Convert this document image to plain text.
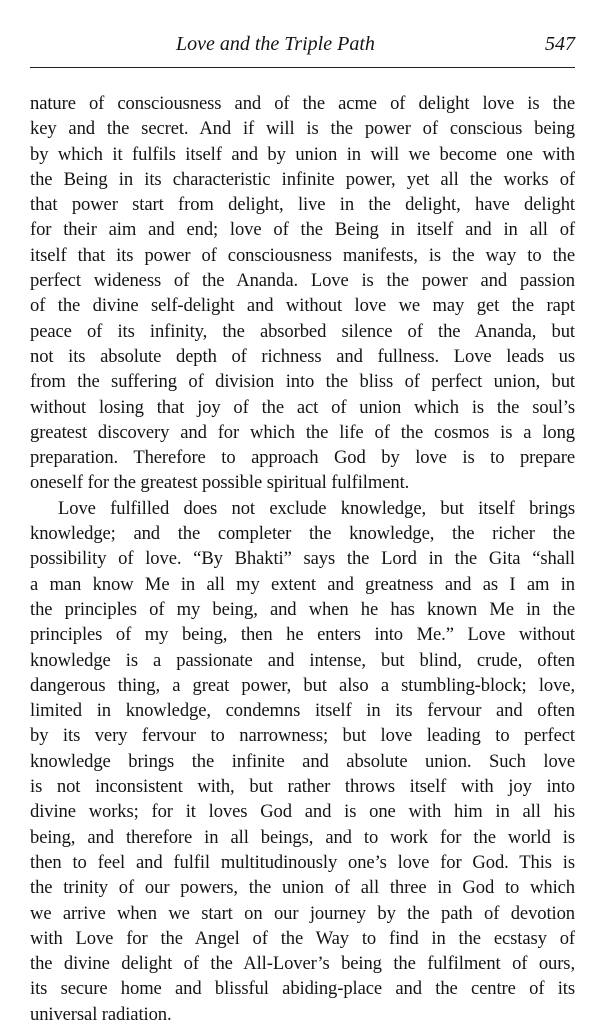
Love and the Triple Path	547
nature of consciousness and of the acme of delight love is the
key and the secret. And if will is the power of conscious being
by which it fulfils itself and by union in will we become one with
the Being in its characteristic infinite power, yet all the works of
that power start from delight, live in the delight, have delight
for their aim and end; love of the Being in itself and in all of
itself that its power of consciousness manifests, is the way to the
perfect wideness of the Ananda. Love is the power and passion
of the divine self-delight and without love we may get the rapt
peace of its infinity, the absorbed silence of the Ananda, but
not its absolute depth of richness and fullness. Love leads us
from the suffering of division into the bliss of perfect union, but
without losing that joy of the act of union which is the soul’s
greatest discovery and for which the life of the cosmos is a long
preparation. Therefore to approach God by love is to prepare
oneself for the greatest possible spiritual fulfilment.
Love fulfilled does not exclude knowledge, but itself brings
knowledge; and the completer the knowledge, the richer the
possibility of love. “By Bhakti” says the Lord in the Gita “shall
a man know Me in all my extent and greatness and as I am in
the principles of my being, and when he has known Me in the
principles of my being, then he enters into Me.” Love without
knowledge is a passionate and intense, but blind, crude, often
dangerous thing, a great power, but also a stumbling-block; love,
limited in knowledge, condemns itself in its fervour and often
by its very fervour to narrowness; but love leading to perfect
knowledge brings the infinite and absolute union. Such love
is not inconsistent with, but rather throws itself with joy into
divine works; for it loves God and is one with him in all his
being, and therefore in all beings, and to work for the world is
then to feel and fulfil multitudinously one’s love for God. This is
the trinity of our powers, the union of all three in God to which
we arrive when we start on our journey by the path of devotion
with Love for the Angel of the Way to find in the ecstasy of
the divine delight of the All-Lover’s being the fulfilment of ours,
its secure home and blissful abiding-place and the centre of its
universal radiation.
